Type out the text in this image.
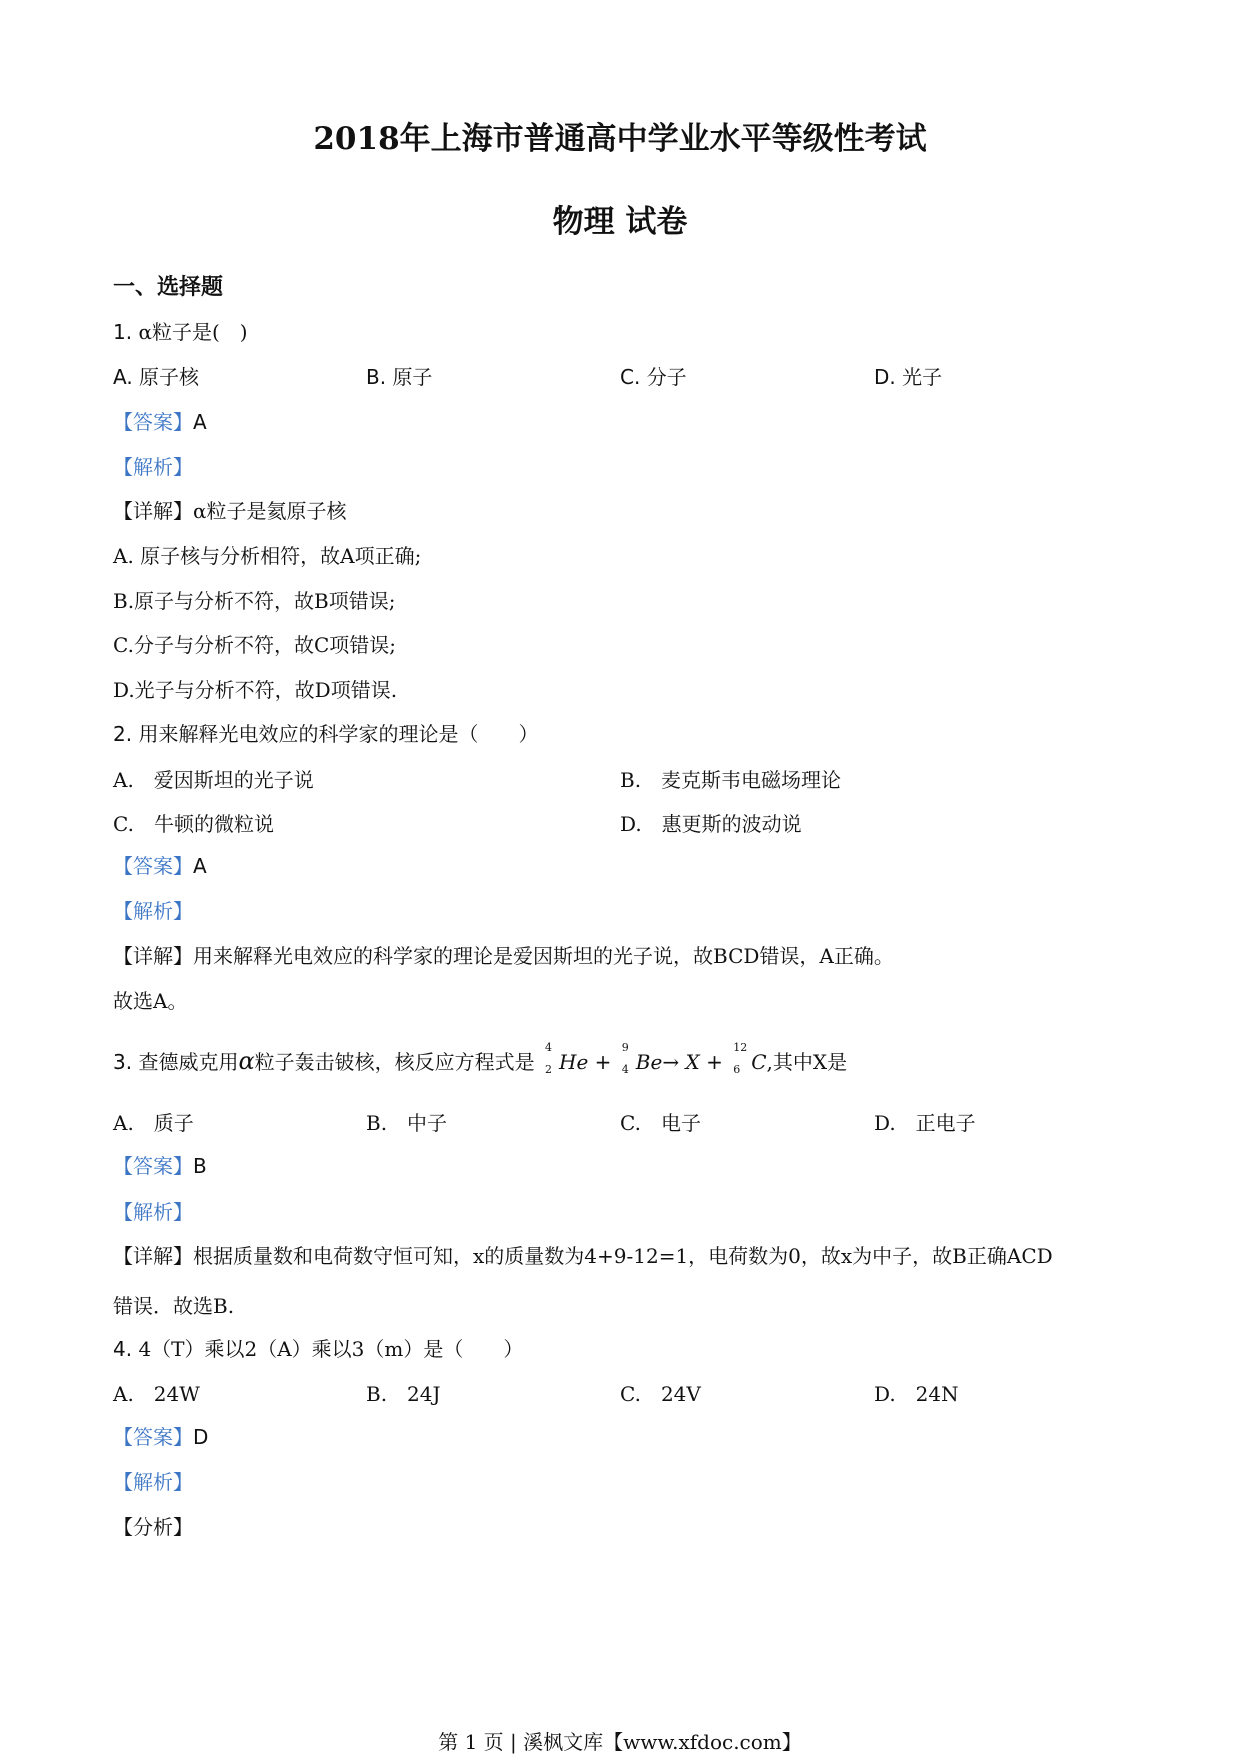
2018年上海市普通高中学业水平等级性考试
物理 试卷
一、选择题
1. α粒子是(　)
A. 原子核	B. 原子	C. 分子	D. 光子
【答案】A
【解析】
【详解】α粒子是氦原子核
A. 原子核与分析相符，故A项正确;
B.原子与分析不符，故B项错误;
C.分子与分析不符，故C项错误;
D.光子与分析不符，故D项错误.
2. 用来解释光电效应的科学家的理论是（　　）
A.　爱因斯坦的光子说	B.　麦克斯韦电磁场理论
C.　牛顿的微粒说	D.　惠更斯的波动说
【答案】A
【解析】
【详解】用来解释光电效应的科学家的理论是爱因斯坦的光子说，故BCD错误，A正确。
故选A。
3. 查德威克用α粒子轰击铍核，核反应方程式是
4
2 He +
9
4 Be→ X +
12
6 C,其中X是
A.　质子	B.　中子	C.　电子	D.　正电子
【答案】B
【解析】
【详解】根据质量数和电荷数守恒可知，x的质量数为4+9-12=1，电荷数为0，故x为中子，故B正确ACD
错误．故选B.
4. 4（T）乘以2（A）乘以3（m）是（　　）
A.　24W	B.　24J	C.　24V	D.　24N
【答案】D
【解析】
【分析】
第 1 页 | 溪枫文库【www.xfdoc.com】
